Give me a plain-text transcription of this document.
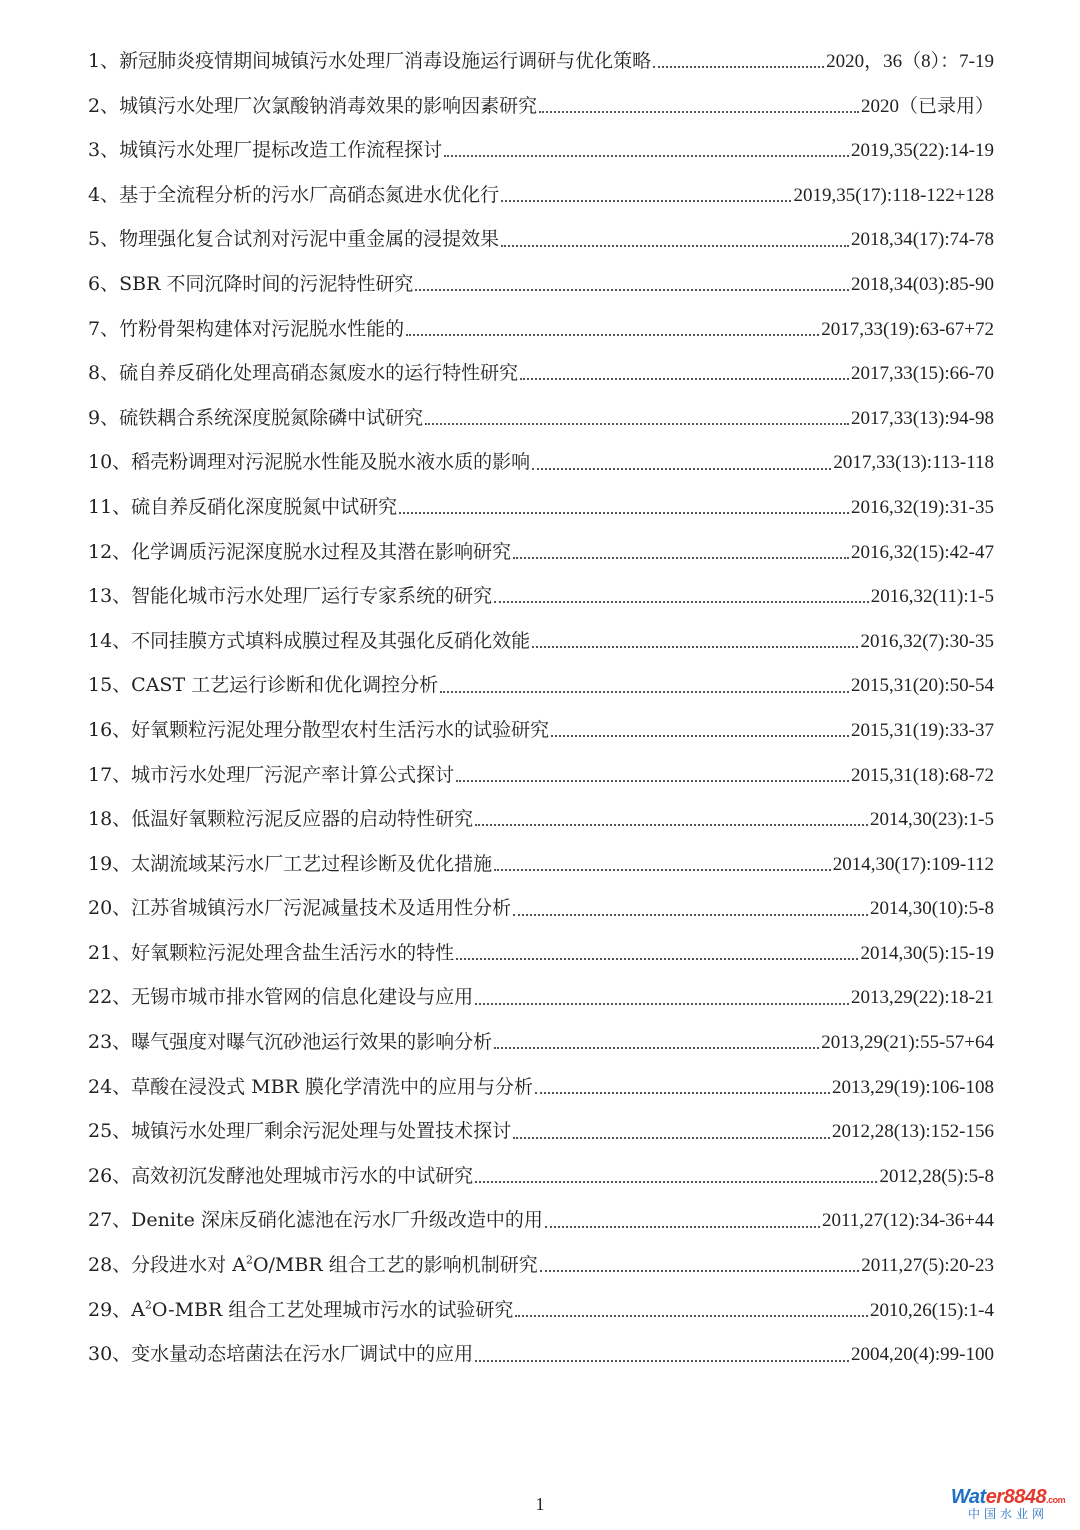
1、新冠肺炎疫情期间城镇污水处理厂消毒设施运行调研与优化策略	2020，36（8）：7-19
2、城镇污水处理厂次氯酸钠消毒效果的影响因素研究	2020（已录用）
3、城镇污水处理厂提标改造工作流程探讨	2019,35(22):14-19
4、基于全流程分析的污水厂高硝态氮进水优化行	2019,35(17):118-122+128
5、物理强化复合试剂对污泥中重金属的浸提效果	2018,34(17):74-78
6、SBR 不同沉降时间的污泥特性研究	2018,34(03):85-90
7、竹粉骨架构建体对污泥脱水性能的	2017,33(19):63-67+72
8、硫自养反硝化处理高硝态氮废水的运行特性研究	2017,33(15):66-70
9、硫铁耦合系统深度脱氮除磷中试研究	2017,33(13):94-98
10、稻壳粉调理对污泥脱水性能及脱水液水质的影响	2017,33(13):113-118
11、硫自养反硝化深度脱氮中试研究	2016,32(19):31-35
12、化学调质污泥深度脱水过程及其潜在影响研究	2016,32(15):42-47
13、智能化城市污水处理厂运行专家系统的研究	2016,32(11):1-5
14、不同挂膜方式填料成膜过程及其强化反硝化效能	2016,32(7):30-35
15、CAST 工艺运行诊断和优化调控分析	2015,31(20):50-54
16、好氧颗粒污泥处理分散型农村生活污水的试验研究	2015,31(19):33-37
17、城市污水处理厂污泥产率计算公式探讨	2015,31(18):68-72
18、低温好氧颗粒污泥反应器的启动特性研究	2014,30(23):1-5
19、太湖流域某污水厂工艺过程诊断及优化措施	2014,30(17):109-112
20、江苏省城镇污水厂污泥减量技术及适用性分析	2014,30(10):5-8
21、好氧颗粒污泥处理含盐生活污水的特性	2014,30(5):15-19
22、无锡市城市排水管网的信息化建设与应用	2013,29(22):18-21
23、曝气强度对曝气沉砂池运行效果的影响分析	2013,29(21):55-57+64
24、草酸在浸没式 MBR 膜化学清洗中的应用与分析	2013,29(19):106-108
25、城镇污水处理厂剩余污泥处理与处置技术探讨	2012,28(13):152-156
26、高效初沉发酵池处理城市污水的中试研究	2012,28(5):5-8
27、Denite 深床反硝化滤池在污水厂升级改造中的用	2011,27(12):34-36+44
28、分段进水对 $A^2O$/MBR 组合工艺的影响机制研究	2011,27(5):20-23
29、$A^2O$-MBR 组合工艺处理城市污水的试验研究	2010,26(15):1-4
30、变水量动态培菌法在污水厂调试中的应用	2004,20(4):99-100
1	Water8848.com
中国水业网
